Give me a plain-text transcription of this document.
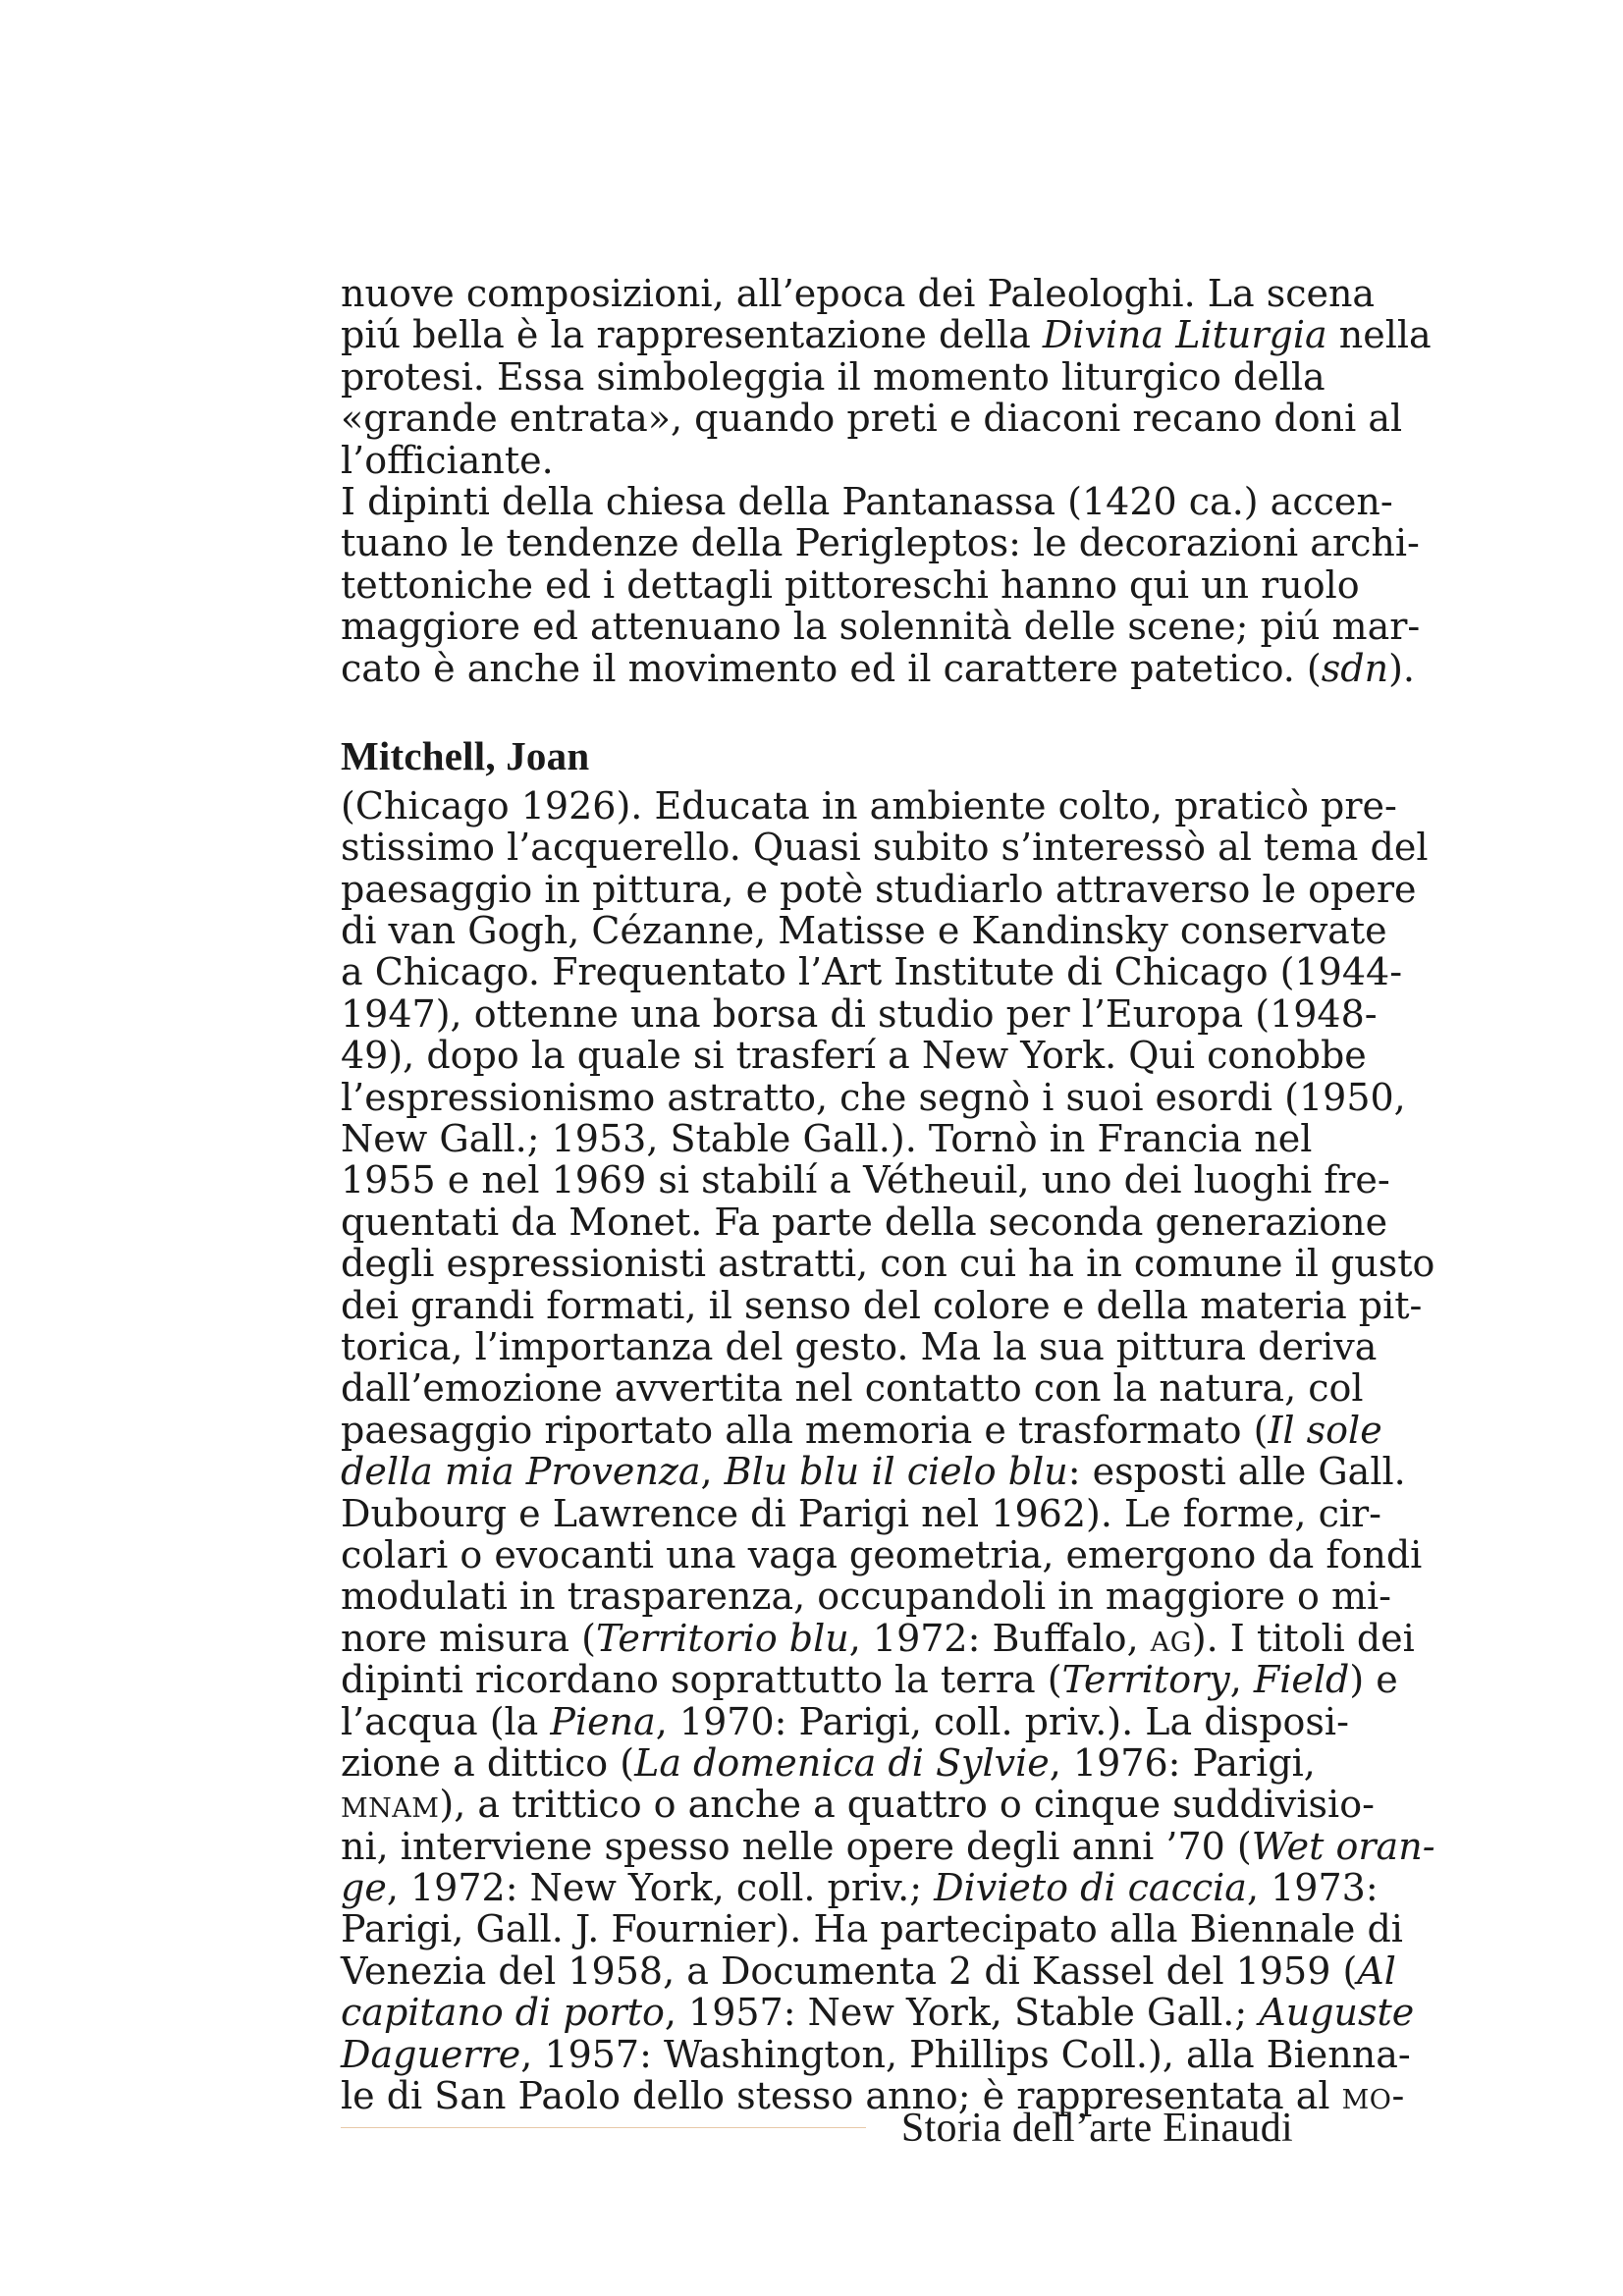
nuove composizioni, all’epoca dei Paleologhi. La scena
piú bella è la rappresentazione della Divina Liturgia nella
protesi. Essa simboleggia il momento liturgico della
«grande entrata», quando preti e diaconi recano doni al
l’officiante.
I dipinti della chiesa della Pantanassa (1420 ca.) accen-
tuano le tendenze della Perigleptos: le decorazioni archi-
tettoniche ed i dettagli pittoreschi hanno qui un ruolo
maggiore ed attenuano la solennità delle scene; piú mar-
cato è anche il movimento ed il carattere patetico. (sdn).
Mitchell, Joan
(Chicago 1926). Educata in ambiente colto, praticò pre-
stissimo l’acquerello. Quasi subito s’interessò al tema del
paesaggio in pittura, e potè studiarlo attraverso le opere
di van Gogh, Cézanne, Matisse e Kandinsky conservate
a Chicago. Frequentato l’Art Institute di Chicago (1944-
1947), ottenne una borsa di studio per l’Europa (1948-
49), dopo la quale si trasferí a New York. Qui conobbe
l’espressionismo astratto, che segnò i suoi esordi (1950,
New Gall.; 1953, Stable Gall.). Tornò in Francia nel
1955 e nel 1969 si stabilí a Vétheuil, uno dei luoghi fre-
quentati da Monet. Fa parte della seconda generazione
degli espressionisti astratti, con cui ha in comune il gusto
dei grandi formati, il senso del colore e della materia pit-
torica, l’importanza del gesto. Ma la sua pittura deriva
dall’emozione avvertita nel contatto con la natura, col
paesaggio riportato alla memoria e trasformato (Il sole
della mia Provenza, Blu blu il cielo blu: esposti alle Gall.
Dubourg e Lawrence di Parigi nel 1962). Le forme, cir-
colari o evocanti una vaga geometria, emergono da fondi
modulati in trasparenza, occupandoli in maggiore o mi-
nore misura (Territorio blu, 1972: Buffalo, ag). I titoli dei
dipinti ricordano soprattutto la terra (Territory, Field) e
l’acqua (la Piena, 1970: Parigi, coll. priv.). La disposi-
zione a dittico (La domenica di Sylvie, 1976: Parigi,
mnam), a trittico o anche a quattro o cinque suddivisio-
ni, interviene spesso nelle opere degli anni ’70 (Wet oran-
ge, 1972: New York, coll. priv.; Divieto di caccia, 1973:
Parigi, Gall. J. Fournier). Ha partecipato alla Biennale di
Venezia del 1958, a Documenta 2 di Kassel del 1959 (Al
capitano di porto, 1957: New York, Stable Gall.; Auguste
Daguerre, 1957: Washington, Phillips Coll.), alla Bienna-
le di San Paolo dello stesso anno; è rappresentata al mo-
Storia dell’arte Einaudi
